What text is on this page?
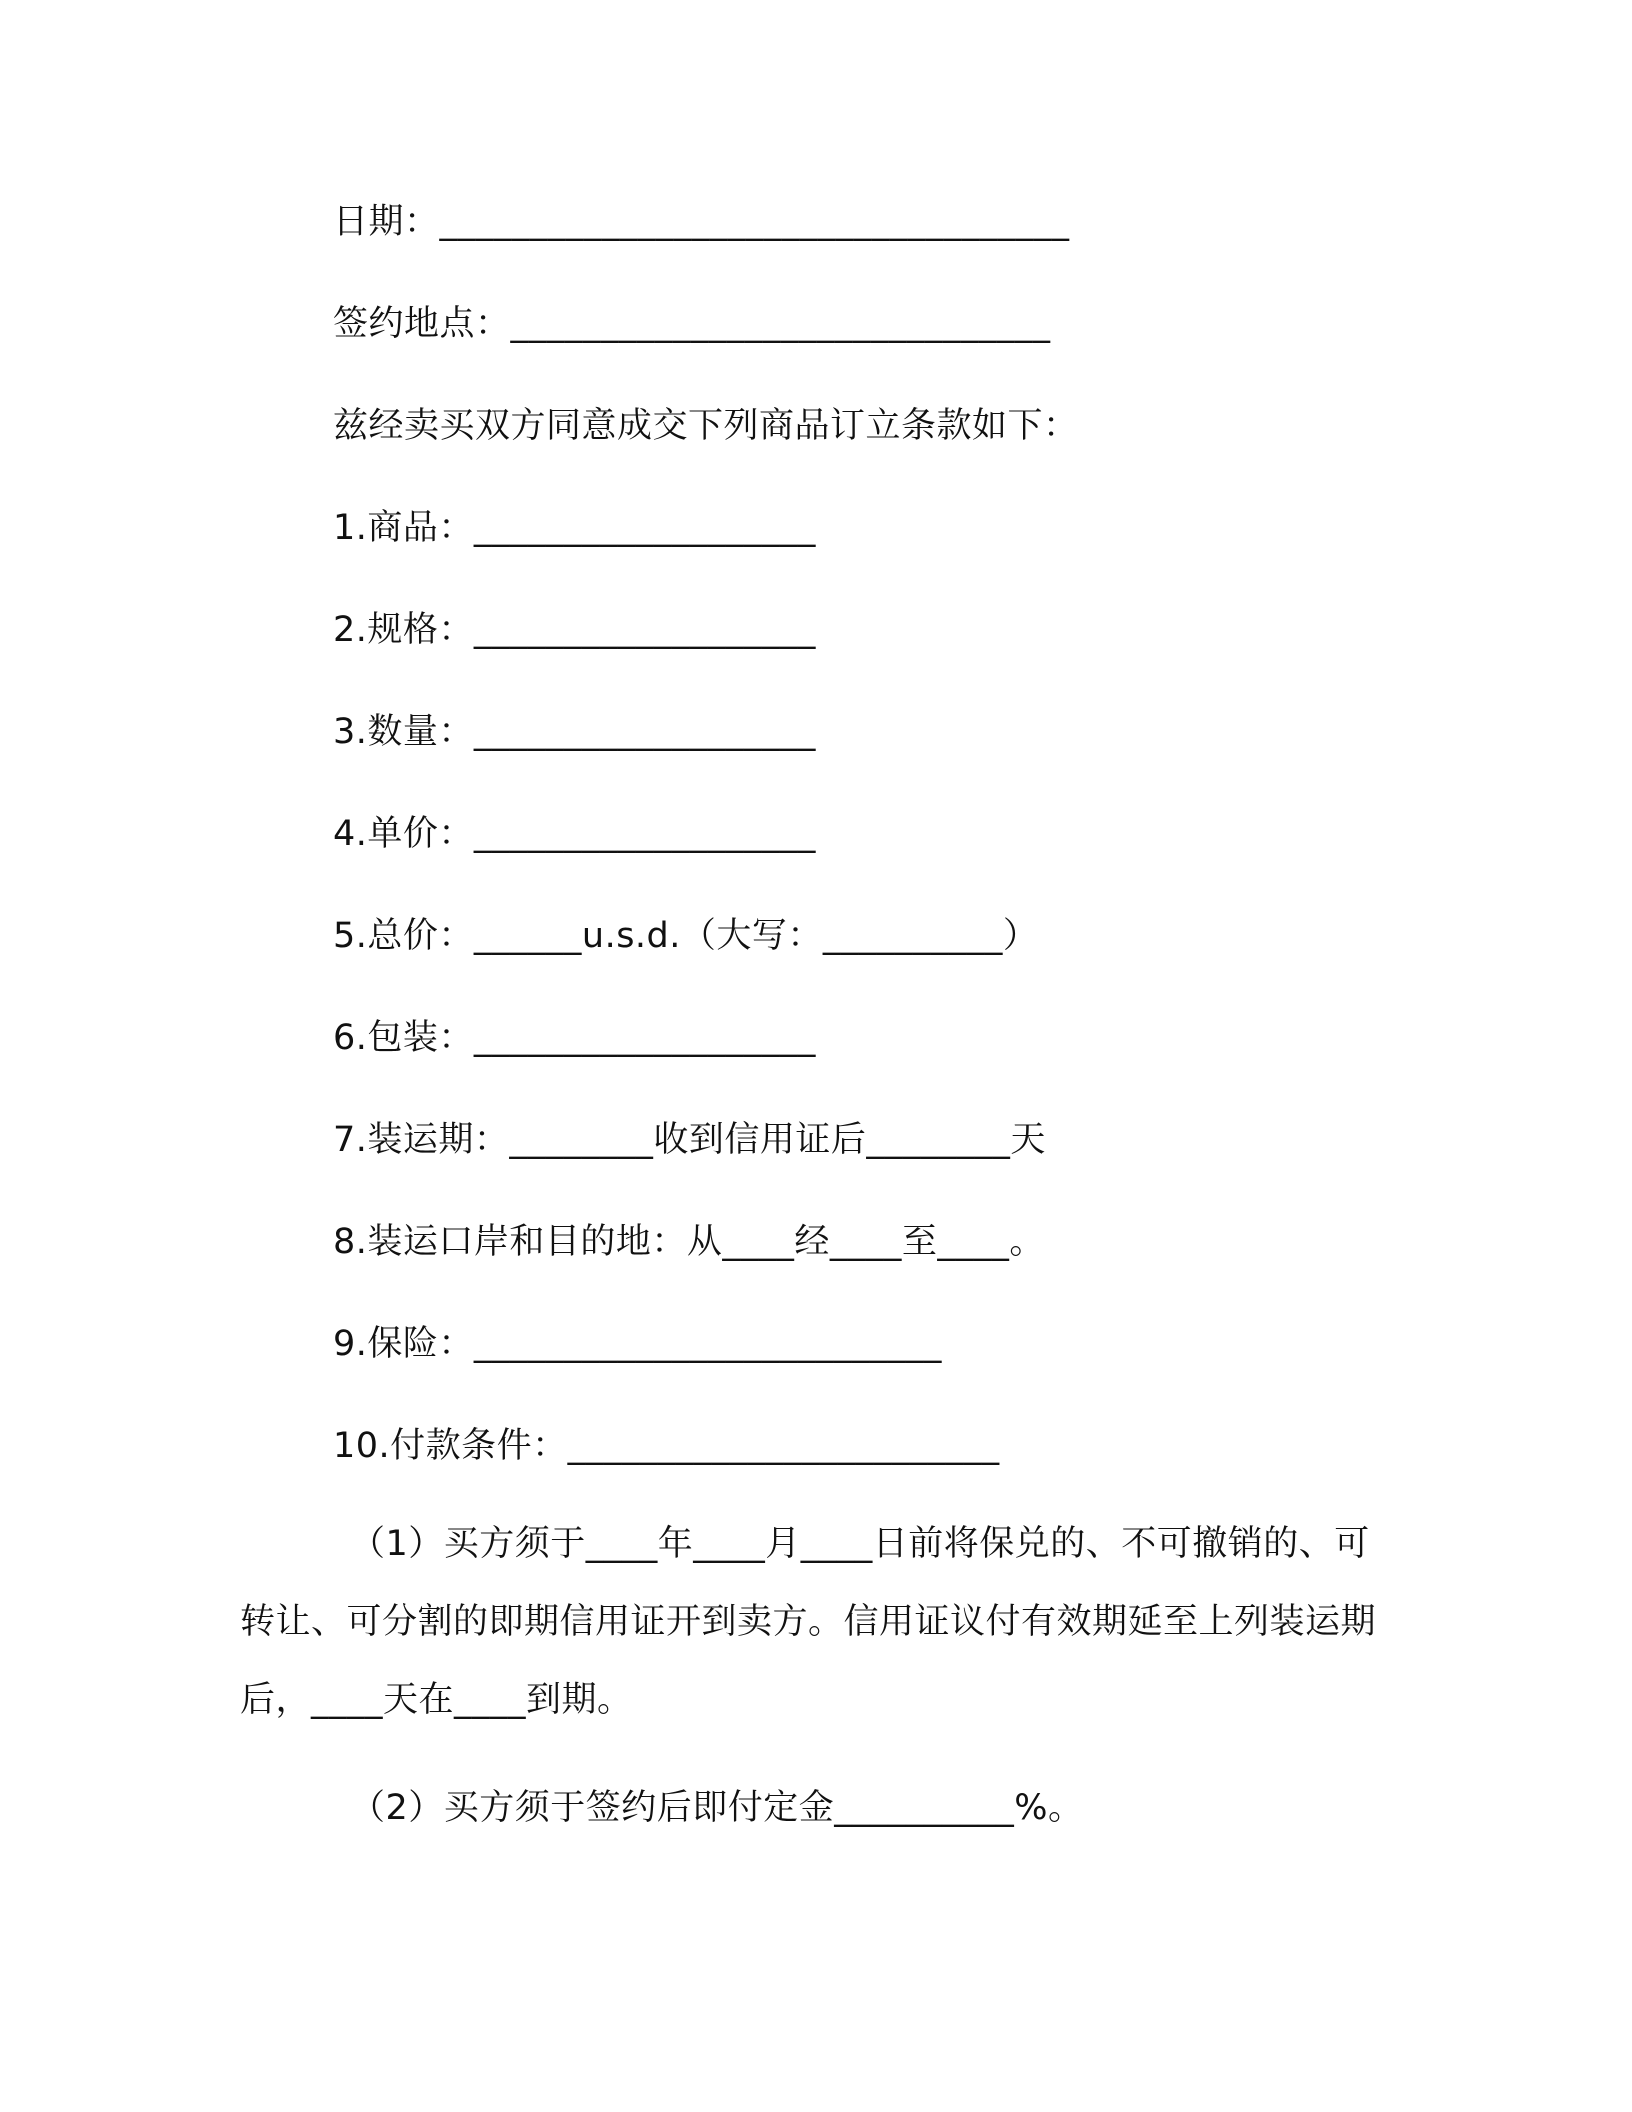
日期：___________________________________
签约地点：______________________________
兹经卖买双方同意成交下列商品订立条款如下：
1.商品：___________________
2.规格：___________________
3.数量：___________________
4.单价：___________________
5.总价：______u.s.d.（大写：__________）
6.包装：___________________
7.装运期：________收到信用证后________天
8.装运口岸和目的地：从____经____至____。
9.保险：__________________________
10.付款条件：________________________
（1）买方须于____年____月____日前将保兑的、不可撤销的、可转让、可分割的即期信用证开到卖方。信用证议付有效期延至上列装运期后，____天在____到期。
（2）买方须于签约后即付定金__________%。
